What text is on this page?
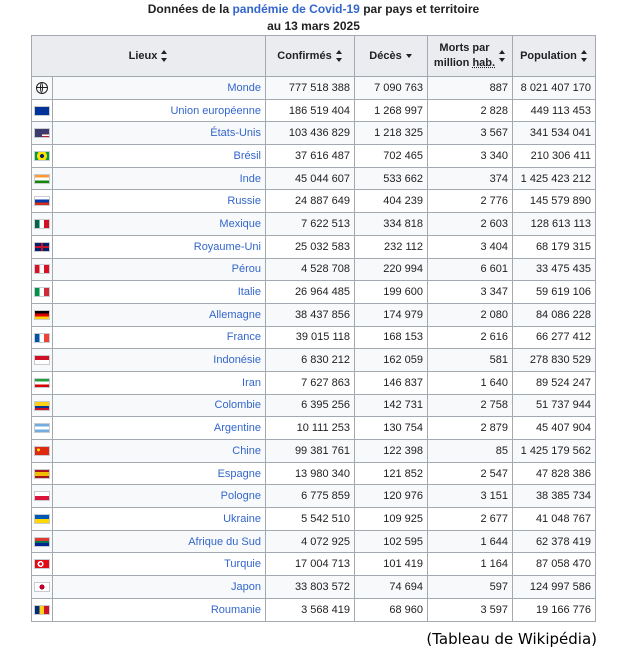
Données de la pandémie de Covid-19 par pays et territoire
au 13 mars 2025
Lieux		Confirmés	Décès	Morts par
million hab.	Population

	Monde	777 518 388	7 090 763	887	8 021 407 170
	Union européenne	186 519 404	1 268 997	2 828	449 113 453
	États-Unis	103 436 829	1 218 325	3 567	341 534 041
	Brésil	37 616 487	702 465	3 340	210 306 411
	Inde	45 044 607	533 662	374	1 425 423 212
	Russie	24 887 649	404 239	2 776	145 579 890
	Mexique	7 622 513	334 818	2 603	128 613 113
	Royaume-Uni	25 032 583	232 112	3 404	68 179 315
	Pérou	4 528 708	220 994	6 601	33 475 435
	Italie	26 964 485	199 600	3 347	59 619 106
	Allemagne	38 437 856	174 979	2 080	84 086 228
	France	39 015 118	168 153	2 616	66 277 412
	Indonésie	6 830 212	162 059	581	278 830 529
	Iran	7 627 863	146 837	1 640	89 524 247
	Colombie	6 395 256	142 731	2 758	51 737 944
	Argentine	10 111 253	130 754	2 879	45 407 904
	Chine	99 381 761	122 398	85	1 425 179 562
	Espagne	13 980 340	121 852	2 547	47 828 386
	Pologne	6 775 859	120 976	3 151	38 385 734
	Ukraine	5 542 510	109 925	2 677	41 048 767
	Afrique du Sud	4 072 925	102 595	1 644	62 378 419
	Turquie	17 004 713	101 419	1 164	87 058 470
	Japon	33 803 572	74 694	597	124 997 586
	Roumanie	3 568 419	68 960	3 597	19 166 776
(Tableau de Wikipédia)
